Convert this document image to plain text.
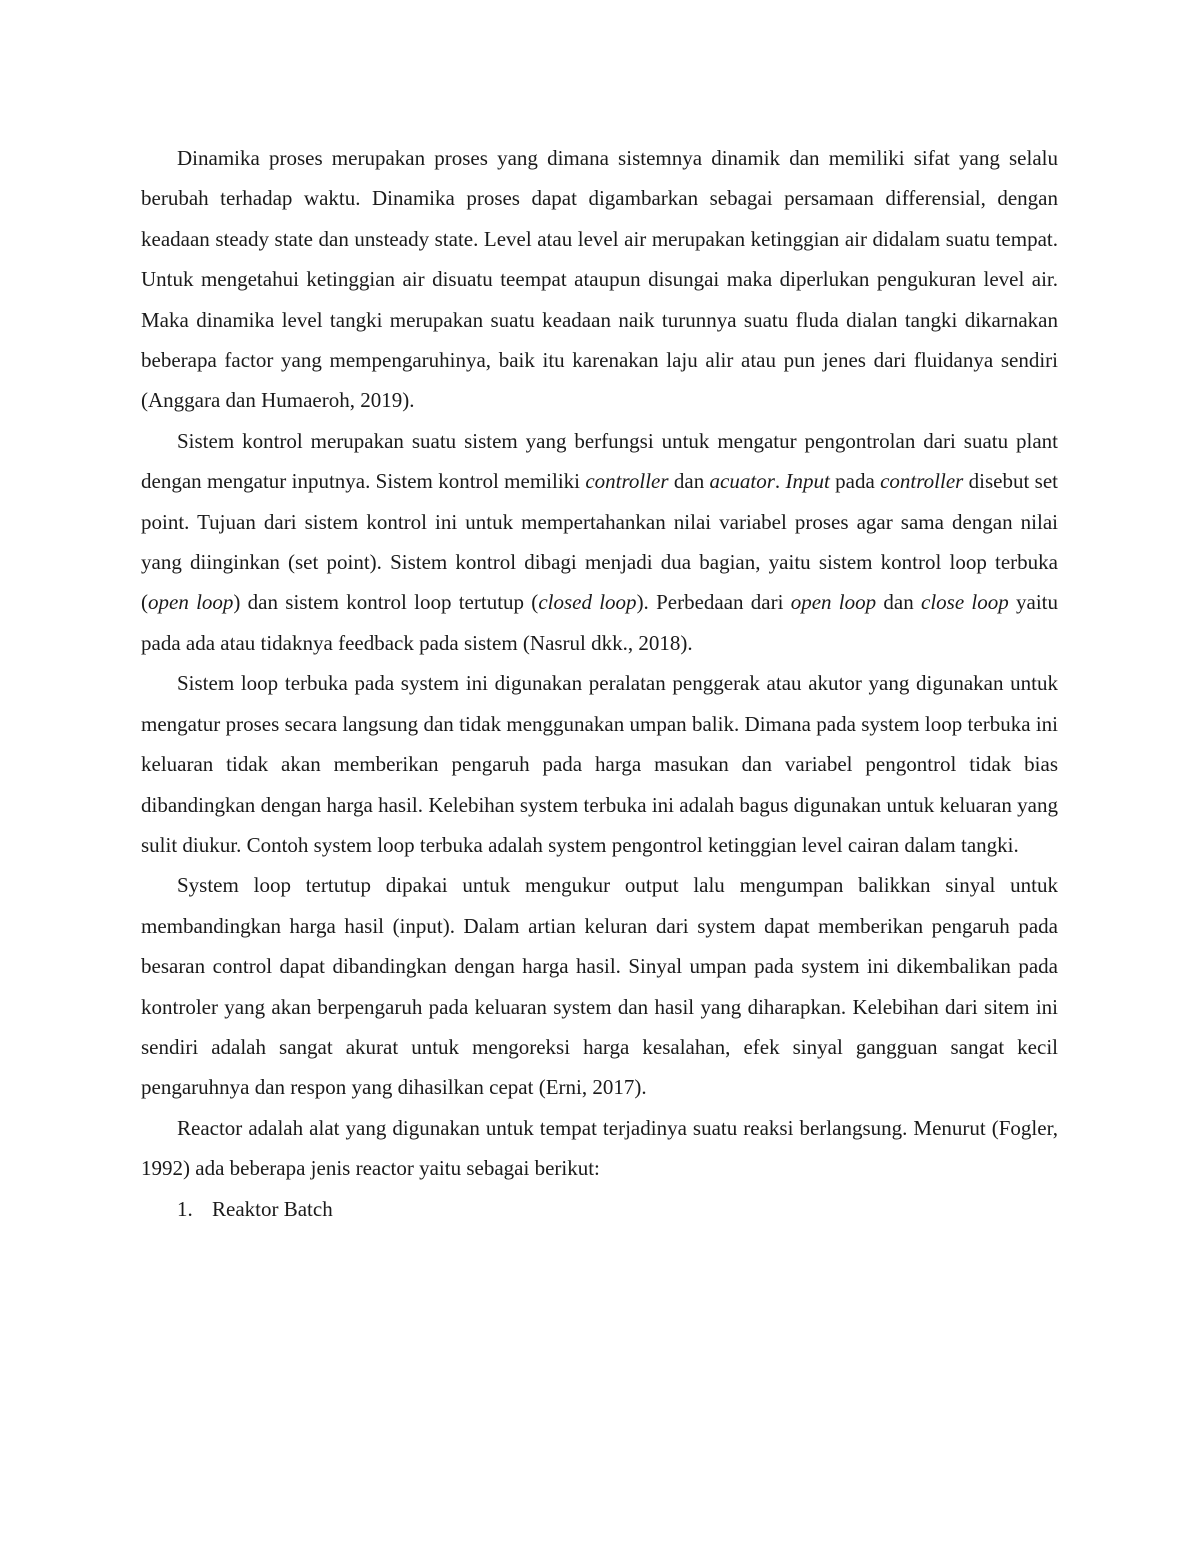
Dinamika proses merupakan proses yang dimana sistemnya dinamik dan memiliki sifat yang selalu berubah terhadap waktu. Dinamika proses dapat digambarkan sebagai persamaan differensial, dengan keadaan steady state dan unsteady state. Level atau level air merupakan ketinggian air didalam suatu tempat. Untuk mengetahui ketinggian air disuatu teempat ataupun disungai maka diperlukan pengukuran level air. Maka dinamika level tangki merupakan suatu keadaan naik turunnya suatu fluda dialan tangki dikarnakan beberapa factor yang mempengaruhinya, baik itu karenakan laju alir atau pun jenes dari fluidanya sendiri (Anggara dan Humaeroh, 2019).

Sistem kontrol merupakan suatu sistem yang berfungsi untuk mengatur pengontrolan dari suatu plant dengan mengatur inputnya. Sistem kontrol memiliki controller dan acuator. Input pada controller disebut set point. Tujuan dari sistem kontrol ini untuk mempertahankan nilai variabel proses agar sama dengan nilai yang diinginkan (set point). Sistem kontrol dibagi menjadi dua bagian, yaitu sistem kontrol loop terbuka (open loop) dan sistem kontrol loop tertutup (closed loop). Perbedaan dari open loop dan close loop yaitu pada ada atau tidaknya feedback pada sistem (Nasrul dkk., 2018).

Sistem loop terbuka pada system ini digunakan peralatan penggerak atau akutor yang digunakan untuk mengatur proses secara langsung dan tidak menggunakan umpan balik. Dimana pada system loop terbuka ini keluaran tidak akan memberikan pengaruh pada harga masukan dan variabel pengontrol tidak bias dibandingkan dengan harga hasil. Kelebihan system terbuka ini adalah bagus digunakan untuk keluaran yang sulit diukur. Contoh system loop terbuka adalah system pengontrol ketinggian level cairan dalam tangki.

System loop tertutup dipakai untuk mengukur output lalu mengumpan balikkan sinyal untuk membandingkan harga hasil (input). Dalam artian keluran dari system dapat memberikan pengaruh pada besaran control dapat dibandingkan dengan harga hasil. Sinyal umpan pada system ini dikembalikan pada kontroler yang akan berpengaruh pada keluaran system dan hasil yang diharapkan. Kelebihan dari sitem ini sendiri adalah sangat akurat untuk mengoreksi harga kesalahan, efek sinyal gangguan sangat kecil pengaruhnya dan respon yang dihasilkan cepat (Erni, 2017).

Reactor adalah alat yang digunakan untuk tempat terjadinya suatu reaksi berlangsung. Menurut (Fogler, 1992) ada beberapa jenis reactor yaitu sebagai berikut:

1. Reaktor Batch
